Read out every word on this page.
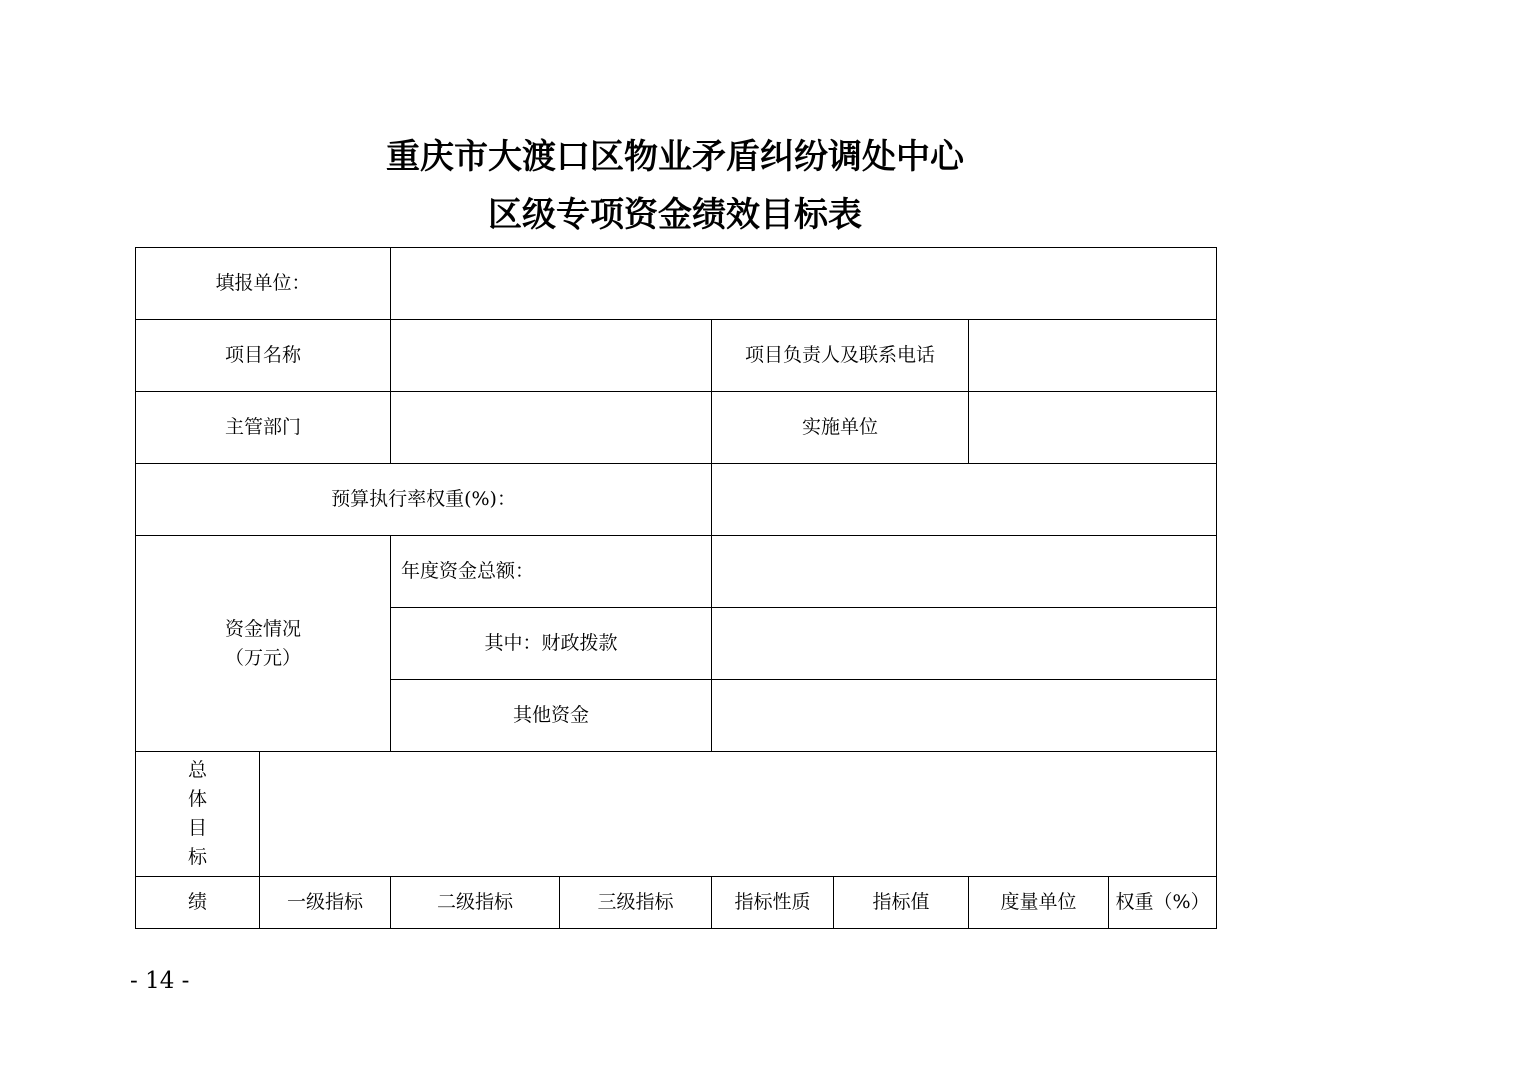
重庆市大渡口区物业矛盾纠纷调处中心
区级专项资金绩效目标表
填报单位：							
项目名称				项目负责人及联系电话			
主管部门				实施单位			
预算执行率权重(%)：							

资金情况
（万元）		年度资金总额：					
		其中：财政拨款					
		其他资金					

总
体
目
标							

绩	一级指标	二级指标	三级指标	指标性质	指标值	度量单位	权重（%）
- 14 -
